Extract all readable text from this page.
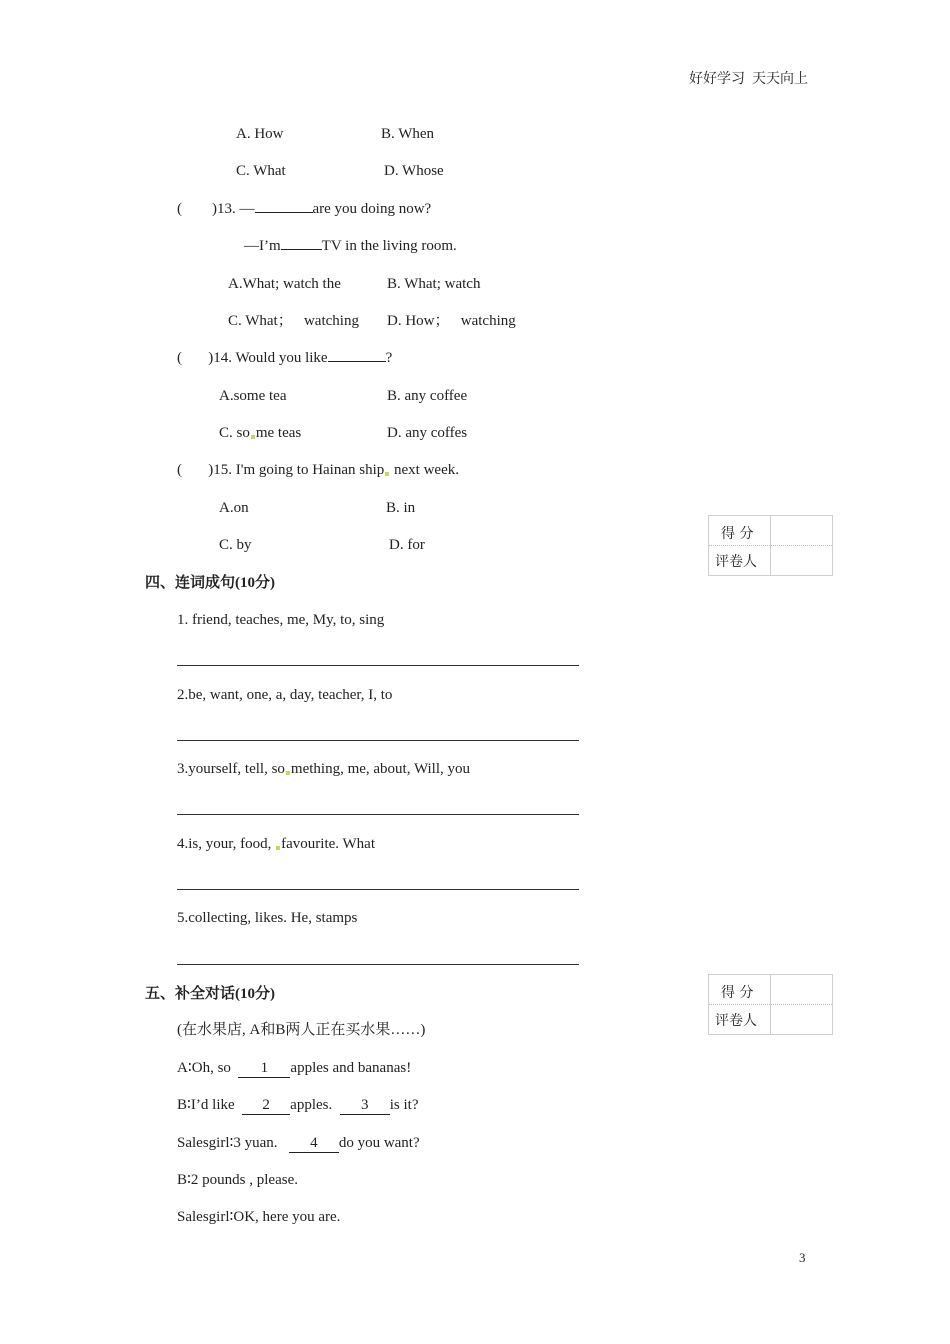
好好学习  天天向上
A. How	B. When
C. What	D. Whose
(        )13. —	are you doing now?
—I’m	TV in the living room.
A.What; watch the	B. What; watch
C. What；   watching D. How；   watching
(       )14. Would you like	?
A.some tea	B. any coffee
C. so me teas	D. any coffes
(       )15. I'm going to Hainan ship next week.
A.on	B. in
C. by	D. for
得 分
评卷人
四、连词成句(10分)
1. friend, teaches, me, My, to, sing
2.be, want, one, a, day, teacher, I, to
3.yourself, tell, so mething, me, about, Will, you
4.is, your, food, favourite. What
5.collecting, likes. He, stamps
得 分
评卷人
五、补全对话(10分)
(在水果店, A和B两人正在买水果……)
A∶Oh, so  1 apples and bananas!
B∶I’d like  2 apples.  3 is it?
Salesgirl∶3 yuan.   4 do you want?
B∶2 pounds , please.
Salesgirl∶OK, here you are.
3
